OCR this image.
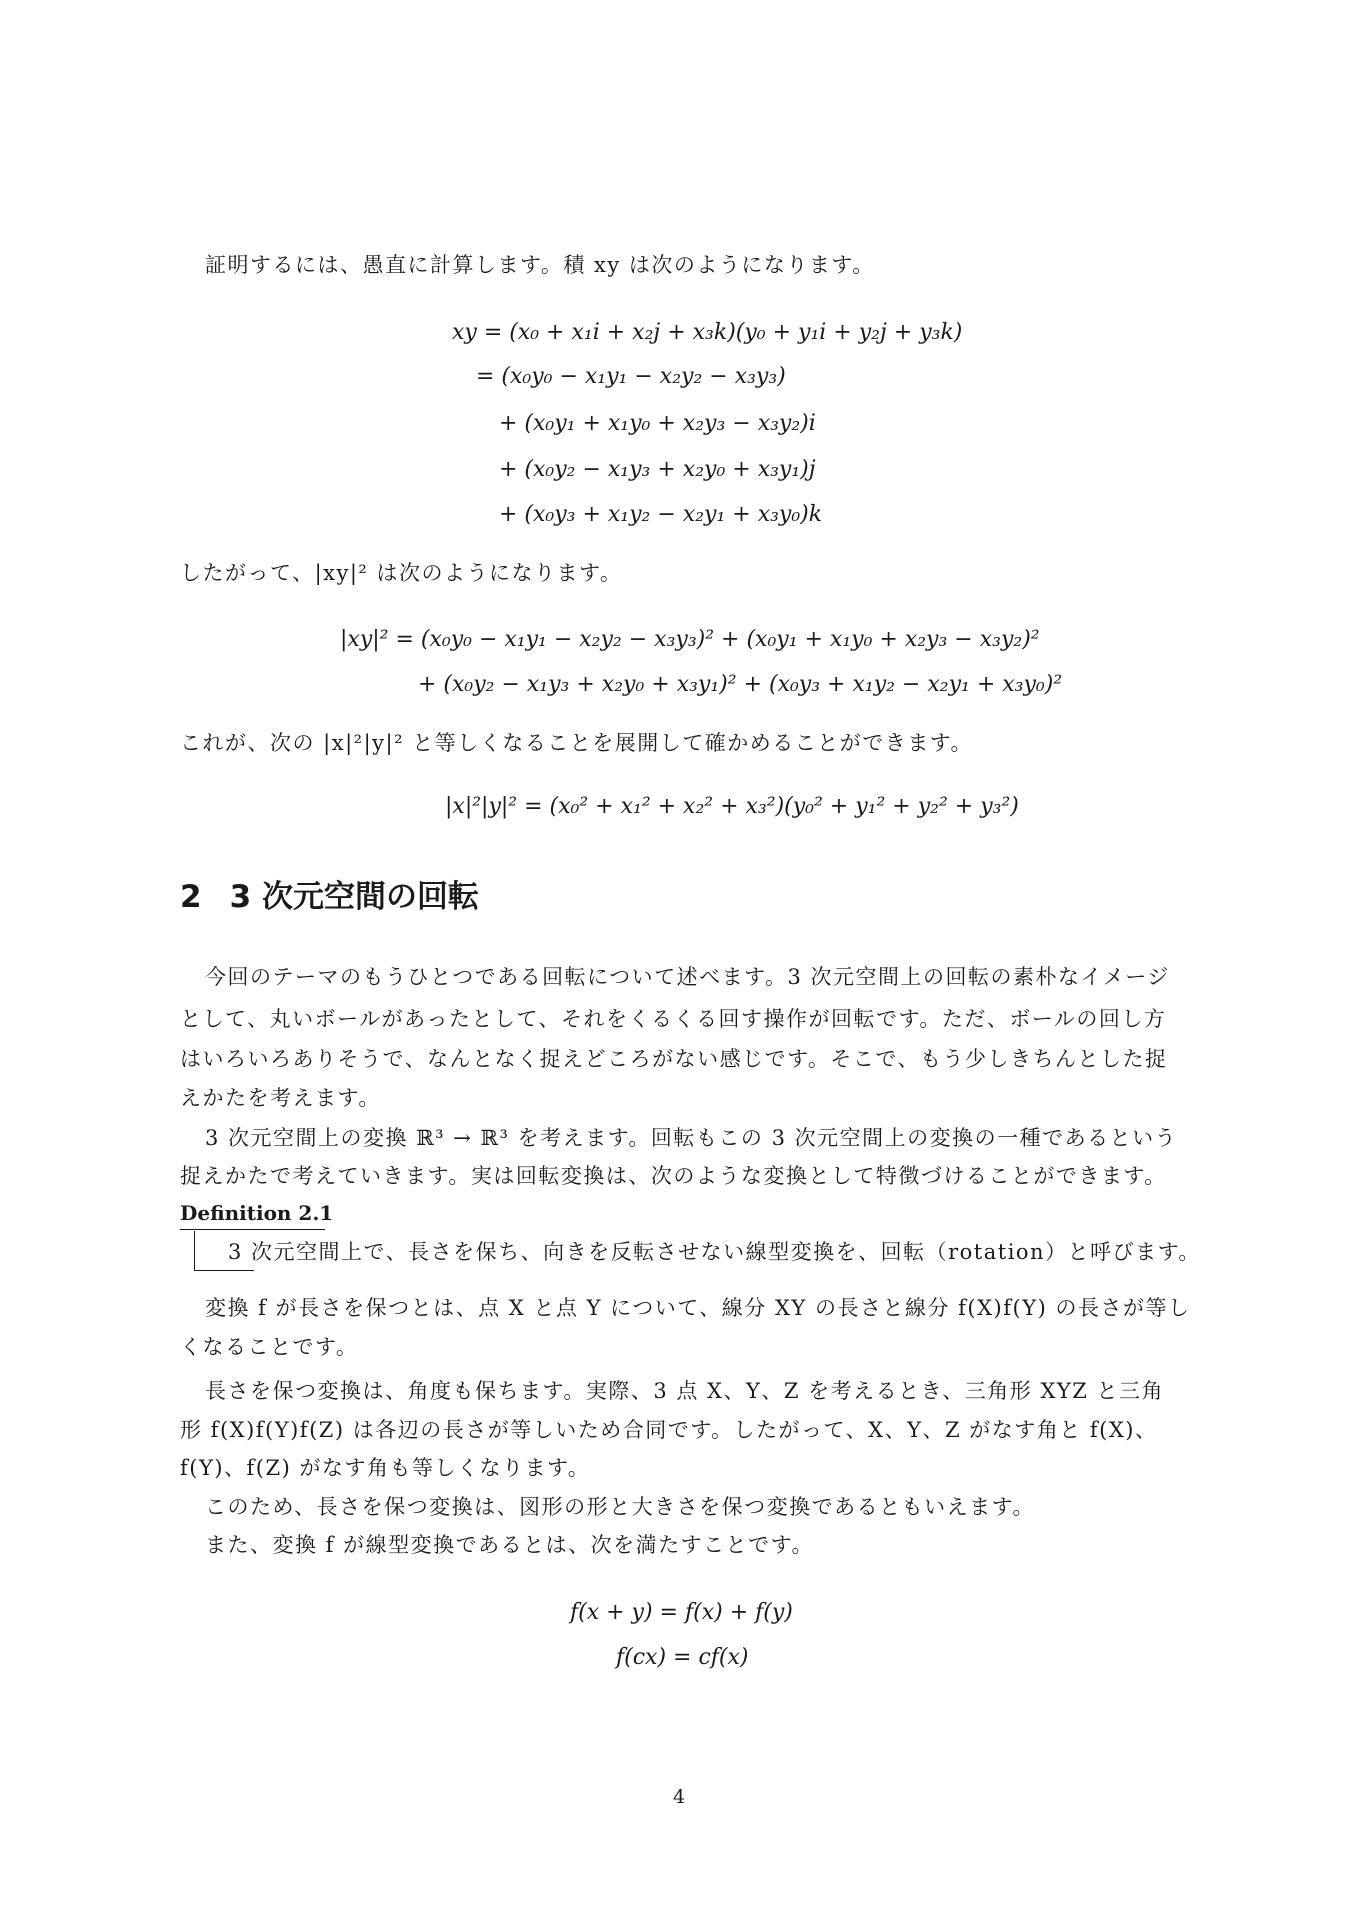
証明するには、愚直に計算します。積 xy は次のようになります。
xy = (x₀ + x₁i + x₂j + x₃k)(y₀ + y₁i + y₂j + y₃k)
= (x₀y₀ − x₁y₁ − x₂y₂ − x₃y₃)
+ (x₀y₁ + x₁y₀ + x₂y₃ − x₃y₂)i
+ (x₀y₂ − x₁y₃ + x₂y₀ + x₃y₁)j
+ (x₀y₃ + x₁y₂ − x₂y₁ + x₃y₀)k
したがって、|xy|² は次のようになります。
|xy|² = (x₀y₀ − x₁y₁ − x₂y₂ − x₃y₃)² + (x₀y₁ + x₁y₀ + x₂y₃ − x₃y₂)²
+ (x₀y₂ − x₁y₃ + x₂y₀ + x₃y₁)² + (x₀y₃ + x₁y₂ − x₂y₁ + x₃y₀)²
これが、次の |x|²|y|² と等しくなることを展開して確かめることができます。
|x|²|y|² = (x₀² + x₁² + x₂² + x₃²)(y₀² + y₁² + y₂² + y₃²)
2 3 次元空間の回転
今回のテーマのもうひとつである回転について述べます。3 次元空間上の回転の素朴なイメージ
として、丸いボールがあったとして、それをくるくる回す操作が回転です。ただ、ボールの回し方
はいろいろありそうで、なんとなく捉えどころがない感じです。そこで、もう少しきちんとした捉
えかたを考えます。
3 次元空間上の変換 ℝ³ → ℝ³ を考えます。回転もこの 3 次元空間上の変換の一種であるという
捉えかたで考えていきます。実は回転変換は、次のような変換として特徴づけることができます。
Definition 2.1
3 次元空間上で、長さを保ち、向きを反転させない線型変換を、回転（rotation）と呼びます。
変換 f が長さを保つとは、点 X と点 Y について、線分 XY の長さと線分 f(X)f(Y) の長さが等し
くなることです。
長さを保つ変換は、角度も保ちます。実際、3 点 X、Y、Z を考えるとき、三角形 XYZ と三角
形 f(X)f(Y)f(Z) は各辺の長さが等しいため合同です。したがって、X、Y、Z がなす角と f(X)、
f(Y)、f(Z) がなす角も等しくなります。
このため、長さを保つ変換は、図形の形と大きさを保つ変換であるともいえます。
また、変換 f が線型変換であるとは、次を満たすことです。
f(x + y) = f(x) + f(y)
f(cx) = cf(x)
4
